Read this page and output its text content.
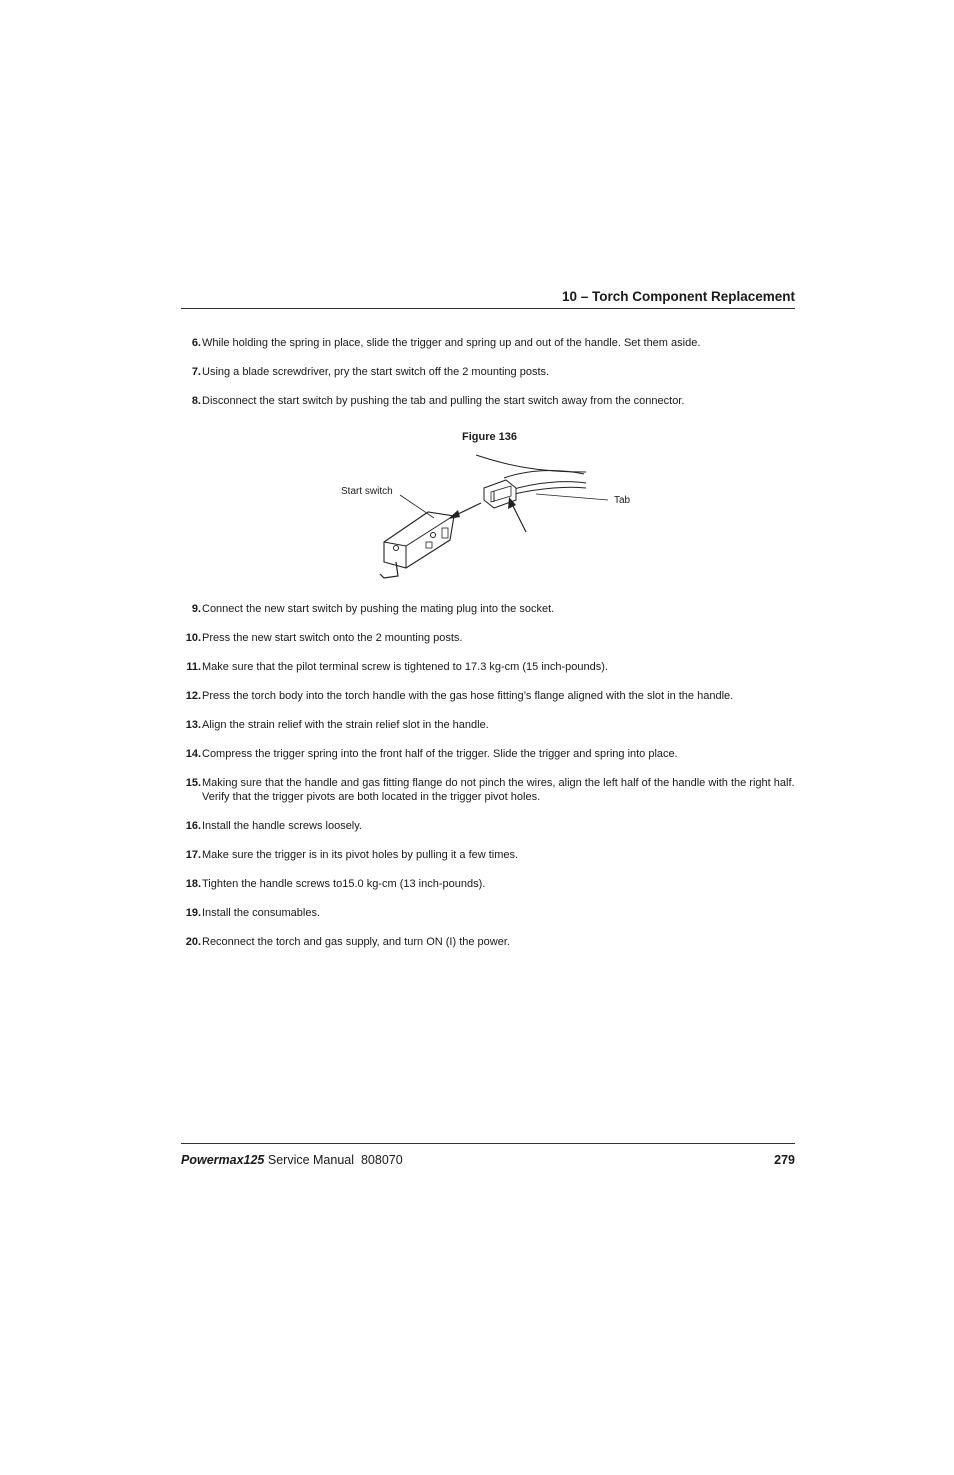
10 – Torch Component Replacement
6. While holding the spring in place, slide the trigger and spring up and out of the handle. Set them aside.
7. Using a blade screwdriver, pry the start switch off the 2 mounting posts.
8. Disconnect the start switch by pushing the tab and pulling the start switch away from the connector.
Figure 136
Start switch
Tab
9. Connect the new start switch by pushing the mating plug into the socket.
10. Press the new start switch onto the 2 mounting posts.
11. Make sure that the pilot terminal screw is tightened to 17.3 kg-cm (15 inch-pounds).
12. Press the torch body into the torch handle with the gas hose fitting’s flange aligned with the slot in the handle.
13. Align the strain relief with the strain relief slot in the handle.
14. Compress the trigger spring into the front half of the trigger. Slide the trigger and spring into place.
15. Making sure that the handle and gas fitting flange do not pinch the wires, align the left half of the handle with the right half. Verify that the trigger pivots are both located in the trigger pivot holes.
16. Install the handle screws loosely.
17. Make sure the trigger is in its pivot holes by pulling it a few times.
18. Tighten the handle screws to15.0 kg-cm (13 inch-pounds).
19. Install the consumables.
20. Reconnect the torch and gas supply, and turn ON (I) the power.
Powermax125 Service Manual  808070	279
